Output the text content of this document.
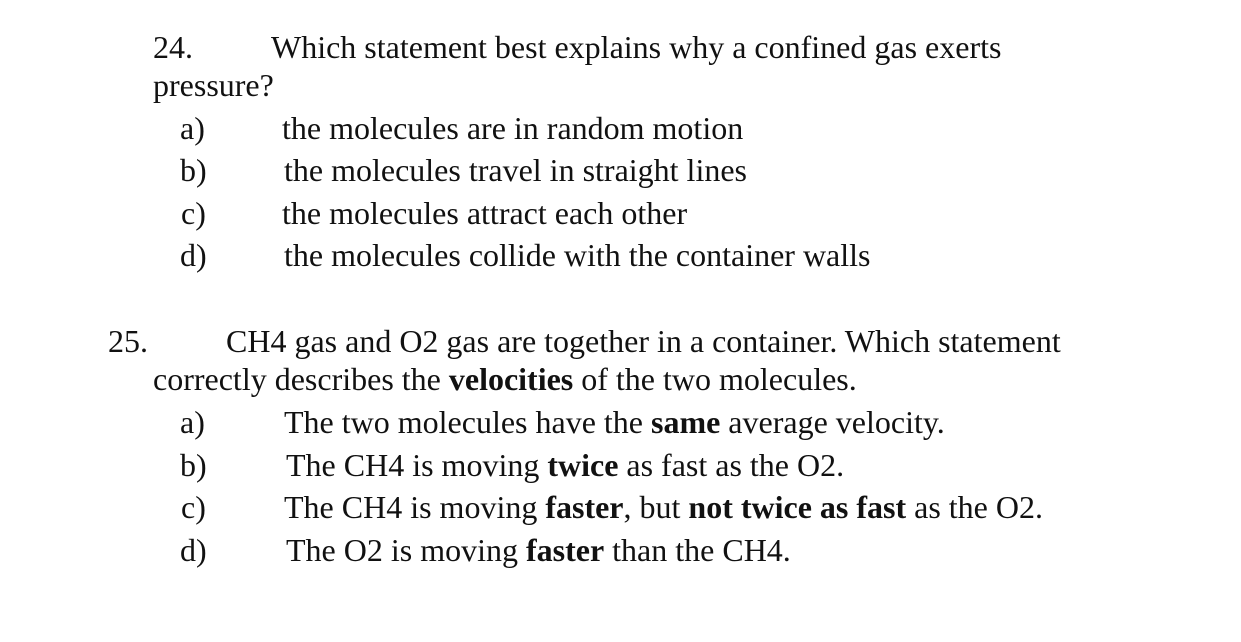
24. Which statement best explains why a confined gas exerts
pressure?
a) the molecules are in random motion
b) the molecules travel in straight lines
c) the molecules attract each other
d) the molecules collide with the container walls
25. CH4 gas and O2 gas are together in a container. Which statement
correctly describes the velocities of the two molecules.
a) The two molecules have the same average velocity.
b) The CH4 is moving twice as fast as the O2.
c) The CH4 is moving faster, but not twice as fast as the O2.
d) The O2 is moving faster than the CH4.
